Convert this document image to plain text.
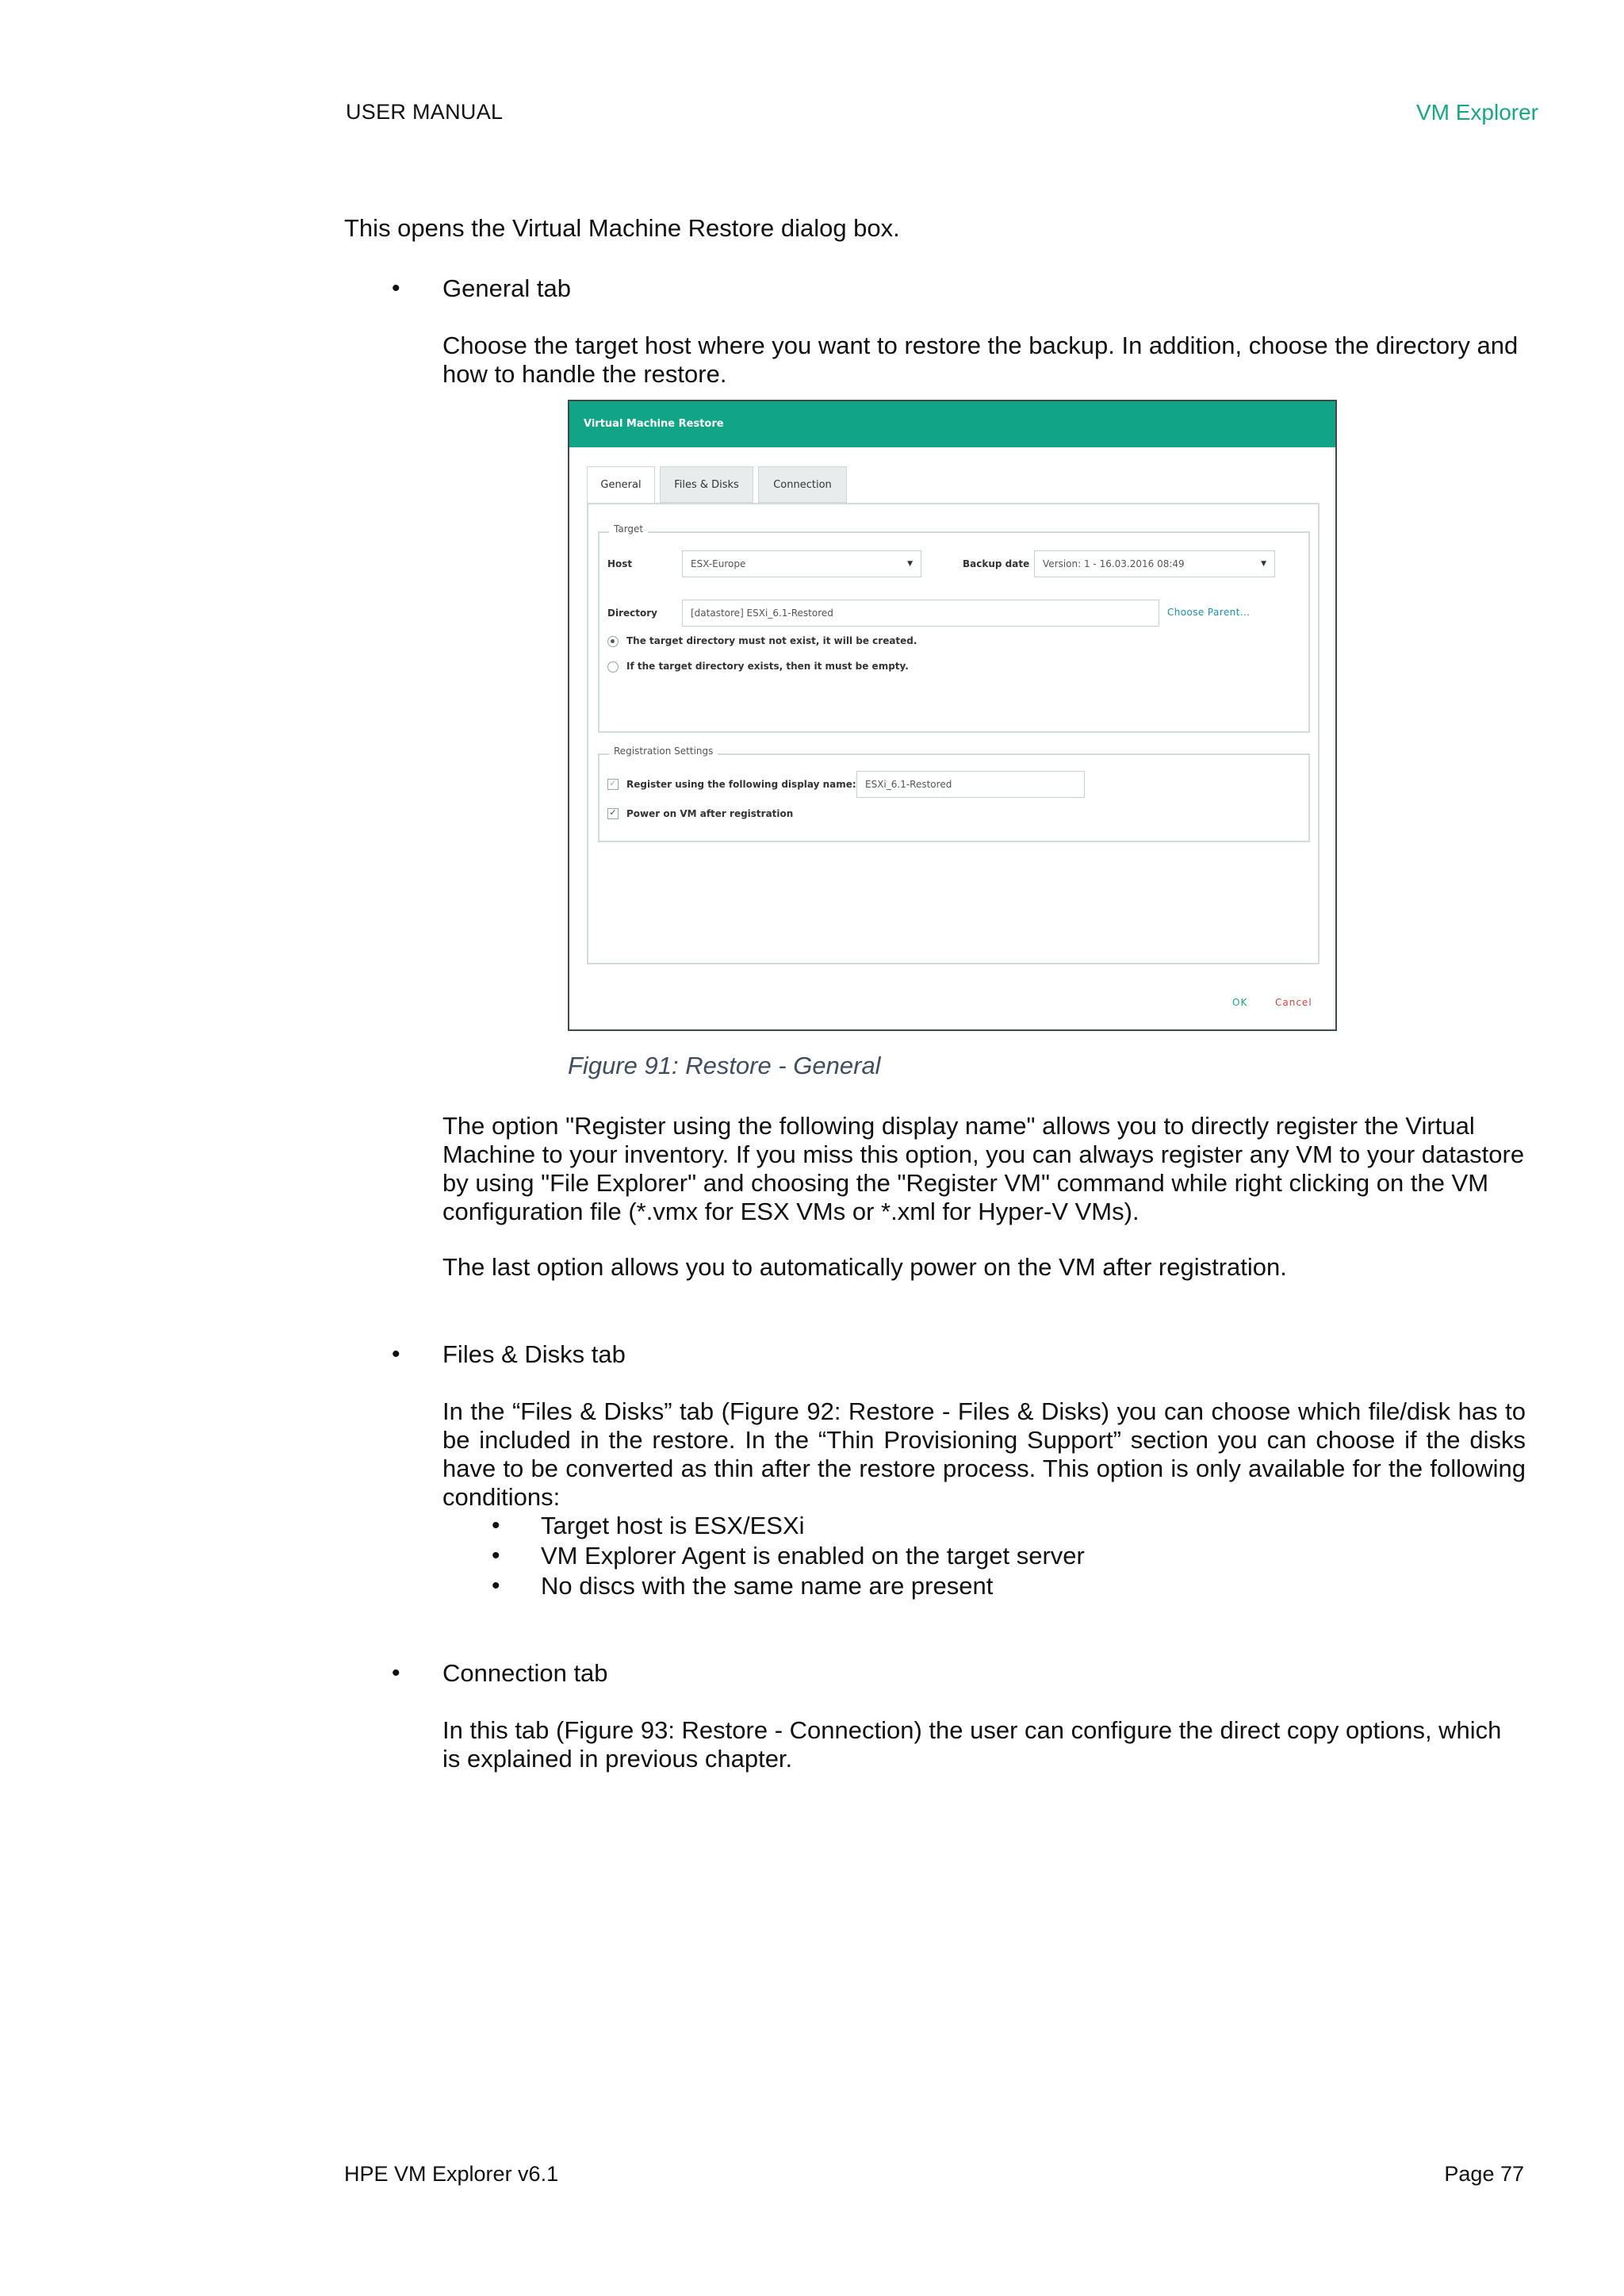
USER MANUAL	VM Explorer

This opens the Virtual Machine Restore dialog box.

• General tab

Choose the target host where you want to restore the backup. In addition, choose the directory and how to handle the restore.

Virtual Machine Restore
General	Files & Disks	Connection
Target
Host	ESX-Europe	▼	Backup date	Version: 1 - 16.03.2016 08:49	▼
Directory	[datastore] ESXi_6.1-Restored	Choose Parent...
The target directory must not exist, it will be created.
If the target directory exists, then it must be empty.
Registration Settings
✓ Register using the following display name: ESXi_6.1-Restored
✓ Power on VM after registration
OK	Cancel
Figure 91: Restore - General

The option "Register using the following display name" allows you to directly register the Virtual Machine to your inventory. If you miss this option, you can always register any VM to your datastore by using "File Explorer" and choosing the "Register VM" command while right clicking on the VM configuration file (*.vmx for ESX VMs or *.xml for Hyper-V VMs).

The last option allows you to automatically power on the VM after registration.

• Files & Disks tab

In the “Files & Disks” tab (Figure 92: Restore - Files & Disks) you can choose which file/disk has to be included in the restore. In the “Thin Provisioning Support” section you can choose if the disks have to be converted as thin after the restore process. This option is only available for the following conditions:

• Target host is ESX/ESXi
• VM Explorer Agent is enabled on the target server
• No discs with the same name are present
• Connection tab

In this tab (Figure 93: Restore - Connection) the user can configure the direct copy options, which is explained in previous chapter.

HPE VM Explorer v6.1	Page 77
